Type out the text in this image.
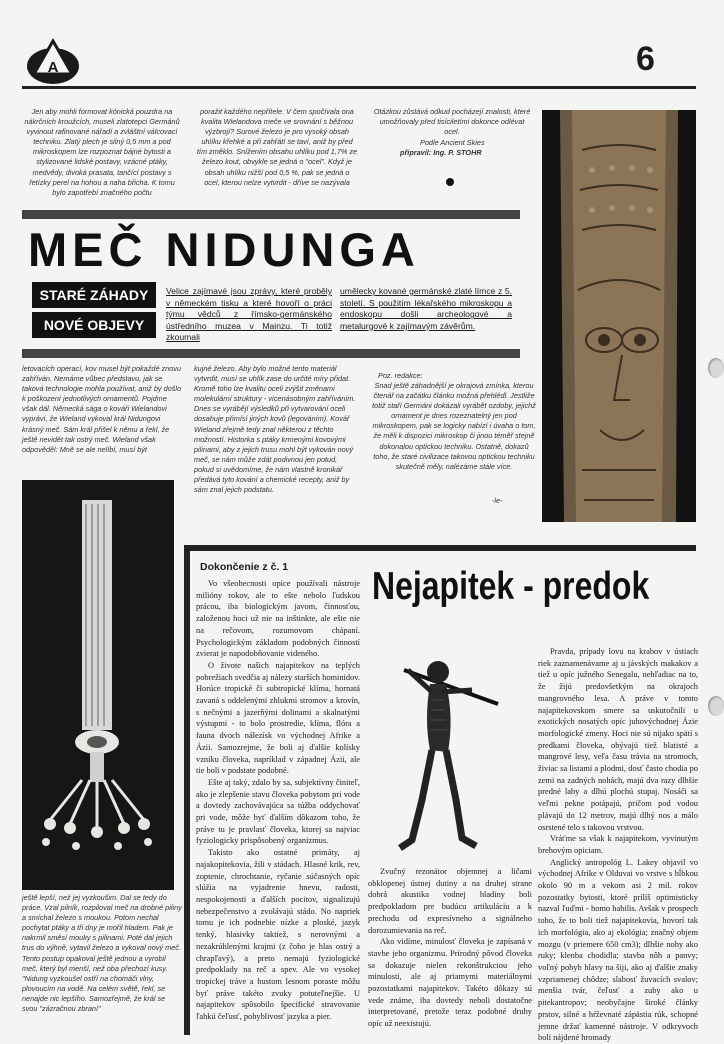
A	6

Jen aby mohli formovat kónická pouzdra na nákrčních kroužcích, museli zlatotepci Germánů vyvinout rafinované nářadí a zvláštní válcovací techniku. Zlatý plech je silný 0,5 mm a pod mikroskopem lze rozpoznat bájné bytosti a stylizované lidské postavy, vzácné ptáky, medvědy, divoká prasata, tančící postavy s řetízky perel na hohou a naha břicha. K tomu bylo zapotřebí značného počtu

poražit každého nepřítele. V čem spočívala ona kvalita Wielandova meče ve srovnání s běžnou výzbrojí? Surové železo je pro vysoký obsah uhlíku křehké a při zahřátí se taví, aniž by před tím změklo. Snížením obsahu uhlíku pod 1,7% ze železo kout, obvykle se jedná o "ocel". Když je obsah uhlíku nižší pod 0,5 %, pak se jedná o ocel, kterou nelze vytvrdit - dříve se nazývala

Otázkou zůstává odkud pocházejí znalosti, které umožňovaly před tisíciletími dokonce odlévat ocel.

Podle Ancient Skies
připravil: Ing. P. STOHR
MEČ NIDUNGA
STARÉ ZÁHADY
NOVÉ OBJEVY
Velice zajímavé jsou zprávy, které proběly v německém tisku a které hovoří o práci týmu vědců z římsko-germánského ústředního muzea v Mainzu. Ti totiž zkoumali
umělecky kované germánské zlaté límce z 5. století. S použitím lékařského mikroskopu a endoskopu došli archeologové a metalurgové k zajímavým závěrům.

letovacích operací, kov musel být pokaždé znovu zahříván. Nemáme vůbec představu, jak se taková technologie mohla používat, aniž by došlo k poškození jednotlivých ornamentů. Pojdme však dál. Německá sága o kováři Wielandovi vypráví, že Wieland vykoval král Nidungovi krásný meč. Sám král přišel k němu a řekl, že ještě nevidět tak ostrý meč. Wieland však odpověděl: Mně se ale nelíbí, musí být

kujné železo. Aby bylo možné tento materiál vytvrdit, musí se uhlík zase do určité míry přidat. Kromě toho lze kvalitu oceli zvýšit změnami molekulární struktury - vícenásobným zahříváním. Dnes se vyrábějí výsledků při vytvarování oceli dosahuje přimísí jiných kovů (legováním). Kovář Wieland zřejmě tedy znal některou z těchto možností. Historka s ptáky krmenými kovovými pilinami, aby z jejich trusu mohl být vykován nový meč, se nám může zdát podivnou jen potud, pokud si uvědomíme, že nám vlastně kronikář předává tyto kování a chemické recepty, aniž by sám znal jejich podstatu.

Poz. redakce:

Snad ještě záhadnější je okrajová zmínka, kterou čtenář na začátku článku možná přehlédl. Jestliže totiž staří Germáni dokázali vyrábět ozdoby, jejichž ornament je dnes rozeznatelný jen pod mikroskopem, pak se logicky nabízí i úvaha o tom, že měli k dispozici mikroskop či jinou téměř stejně dokonalou optickou techniku. Ostatně, dokazů toho, že staré civilizace takovou optickou techniku skutečně měly, nalézáme stále více.

-le-

ještě lepší, než jej vyzkoušim. Dal se tedy do práce. Vzal pilník, rozpiloval meč na drobné piliny a smíchal železo s moukou. Potom nechal pochytat ptáky a tři dny je mořil hladem. Pak je nakrmil směsí mouky s pilinami. Poté dal jejich trus do výhně, vytavil železo a vykoval nový meč. Tento postup opakoval ještě jednou a vyrobil meč, který byl menší, než oba přechozí kusy. "Nidung vyzkoušel ostří na chomáči vlny, plovoucím na vodě. Na celém světě, řekl, se nenajde nic lepšího. Samozřejmě, že král se svou "zázračnou zbraní"

Dokončenie z č. 1

Vo všeobecnosti opice používali nástroje milióny rokov, ale to ešte nebolo ľudskou prácou, iba biologickým javom, činnosťou, založenou hoci už nie na inštinkte, ale ešte nie na rečovom, rozumovom chápaní. Psychologickým základom podobných činností zvierat je napodobňovanie videného.

O živote našich najapitekov na teplých pobrežiach svedčia aj nálezy starších hominidov. Horúce tropické či subtropické klíma, hornatá zavaná s oddelenými zhlukmi stromov a krovín, s nečnými a jazerňými dolinami a skalnatými výstupmi - to bolo prostredie, klíma, flóra a fauna dvoch nálezísk vo východnej Afrike a Ázii. Samozrejme, že boli aj ďalšie kolísky vzniku človeka, napríklad v západnej Ázii, ale tie boli v podstate podobné.

Ešte aj taký, zdalo by sa, subjektívny činiteľ, ako je zlepšenie stavu človeka pobytom pri vode a dovtedy zachovávajúca sa túžba oddychovať pri vode, môže byť ďalším dôkazom toho, že práve tu je pravlasť človeka, ktorej sa najviac fyziologicky prispôsobený organizmus.

Takisto ako ostatné primáty, aj najakopitekovia, žili v stádach. Hlasné krik, rev, zoptenie, chrochtanie, ryčanie súčasných opíc slúžia na vyjadrenie hnevu, radosti, nespokojenosti a ďalších pocitov, signalizujú nebezpečenstvo a zvolávajú stádo. No napriek tomu je ich podnebie nízke a ploské, jazyk tenký, hlasivky taktiež, s nerovnými a nezakrúhlenými krajmi (z čoho je hlas ostrý a chrapľavý), a preto nemajú fyziologické predpoklady na reč a spev. Ale vo vysokej tropickej tráve a hustom lesnom poraste môžu byť práve takéto zvuky potuteľnejšie. U najapitekov spôsobilo špecifické stravovanie ľahkú čeľusť, pohyblivosť jazyka a pier.

Nejapitek - predok

Zvučný rezonátor objemnej a ličami obklopenej ústnej dutiny a na druhej strane dobrá akustika vodnej hladiny boli predpokladom pre budúcu artikuláciu a k prechodu od expresívneho a signálneho dorozumievania na reč.

Ako vidíme, minulosť človeka je zapísaná v stavbe jeho organizmu. Prírodný pôvod človeka sa dokazuje nielen rekonštrukciou jeho minulosti, ale aj priamymi materiálnymi pozostatkami najapitekov. Takéto dôkazy sú vede známe, iba dovtedy neboli dostatočne interpretované, pretože teraz podobné druhy opíc už neexistujú.

Pravda, prípady lovu na krabov v ústiach riek zaznamenávame aj u jávských makakov a tiež u opíc južného Senegalu, nehľadiac na to, že žijú predovšetkým na okrajoch mangrovného lesa. A práve v tomto najapitekovskom smere sa uskutočnili u exotických nosatých opíc juhovýchodnej Ázie morfologické zmeny. Hoci nie sú nijako spätí s predkami človeka, obývajú tiež blatisté a mangrové lesy, veľa času trávia na stromoch, živiac sa listami a plodmi, dosť často chodia po zemi na zadných nohách, majú dva razy dlhšie predné laby a dlhú plochú stupaj. Nosáči sa veľmi pekne potápajú, pričom pod vodou plávajú do 12 metrov, majú dlhý nos a málo osrstené telo s takovou vrstvou.

Vráťme sa však k najapitekom, vyvinutým brehovým opiciam.

Anglický antropológ L. Lakey objavil vo východnej Afrike v Olduvai vo vrstve s hĺbkou okolo 90 m a vekom asi 2 mil. rokov pozostatky bytosti, ktoré prílíš optimisticky nazval ľuďmi - homo habilis. Avšak v prospech toho, že to boli tiež najapitekovia, hovorí tak ich morfológia, ako aj ekológia; značný objem mozgu (v priemere 650 cm3); dlhšie nohy ako ruky; klenba chodidla; stavba nôh a panvy; voľný pohyb hlavy na šiji, ako aj ďalšie znaky vzpriamenej chôdze; slabosť žuvacích svalov; menšia tvár, čeľusť a zuby ako u pitekantropov; neobyčajne široké články prstov, silné a hŕževnaté zápästia rúk, schopné jemne držať kamenné nástroje. V odkryvoch boli nájdené hromady
